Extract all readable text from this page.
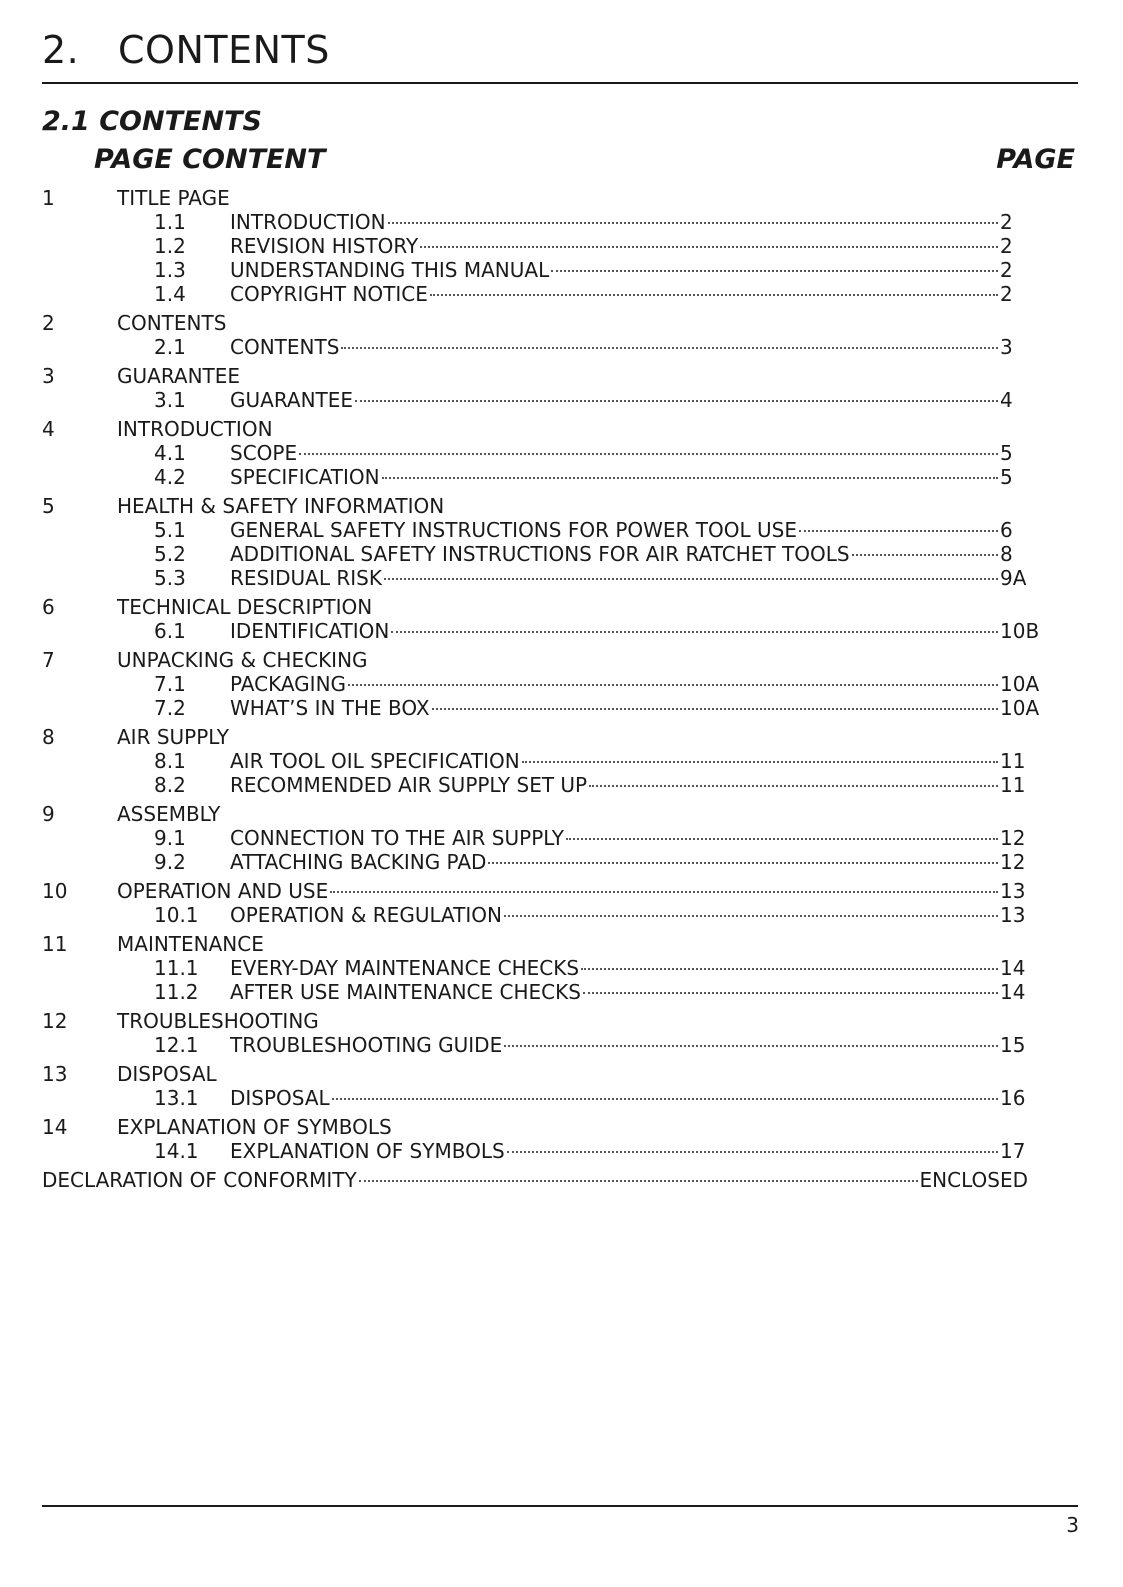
2.	CONTENTS
2.1 CONTENTS
PAGE CONTENT	PAGE
1	TITLE PAGE
1.1	INTRODUCTION	2
1.2	REVISION HISTORY	2
1.3	UNDERSTANDING THIS MANUAL	2
1.4	COPYRIGHT NOTICE	2
2	CONTENTS
2.1	CONTENTS	3
3	GUARANTEE
3.1	GUARANTEE	4
4	INTRODUCTION
4.1	SCOPE	5
4.2	SPECIFICATION	5
5	HEALTH & SAFETY INFORMATION
5.1	GENERAL SAFETY INSTRUCTIONS FOR POWER TOOL USE	6
5.2	ADDITIONAL SAFETY INSTRUCTIONS FOR AIR RATCHET TOOLS	8
5.3	RESIDUAL RISK	9A
6	TECHNICAL DESCRIPTION
6.1	IDENTIFICATION	10B
7	UNPACKING & CHECKING
7.1	PACKAGING	10A
7.2	WHAT’S IN THE BOX	10A
8	AIR SUPPLY
8.1	AIR TOOL OIL SPECIFICATION	11
8.2	RECOMMENDED AIR SUPPLY SET UP	11
9	ASSEMBLY
9.1	CONNECTION TO THE AIR SUPPLY	12
9.2	ATTACHING BACKING PAD	12
10	OPERATION AND USE	13
10.1	OPERATION & REGULATION	13
11	MAINTENANCE
11.1	EVERY-DAY MAINTENANCE CHECKS	14
11.2	AFTER USE MAINTENANCE CHECKS	14
12	TROUBLESHOOTING
12.1	TROUBLESHOOTING GUIDE	15
13	DISPOSAL
13.1	DISPOSAL	16
14	EXPLANATION OF SYMBOLS
14.1	EXPLANATION OF SYMBOLS	17
DECLARATION OF CONFORMITY	ENCLOSED
3
